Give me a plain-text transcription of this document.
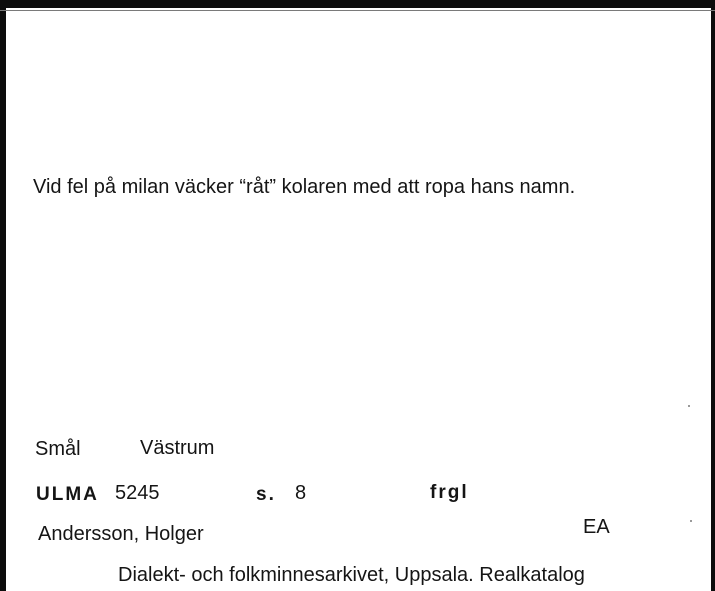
Vid fel på milan väcker “råt” kolaren med att ropa hans namn.
Smål	Västrum
ULMA 5245	s. 8	frgl
Andersson, Holger	EA
Dialekt- och folkminnesarkivet, Uppsala. Realkatalog
